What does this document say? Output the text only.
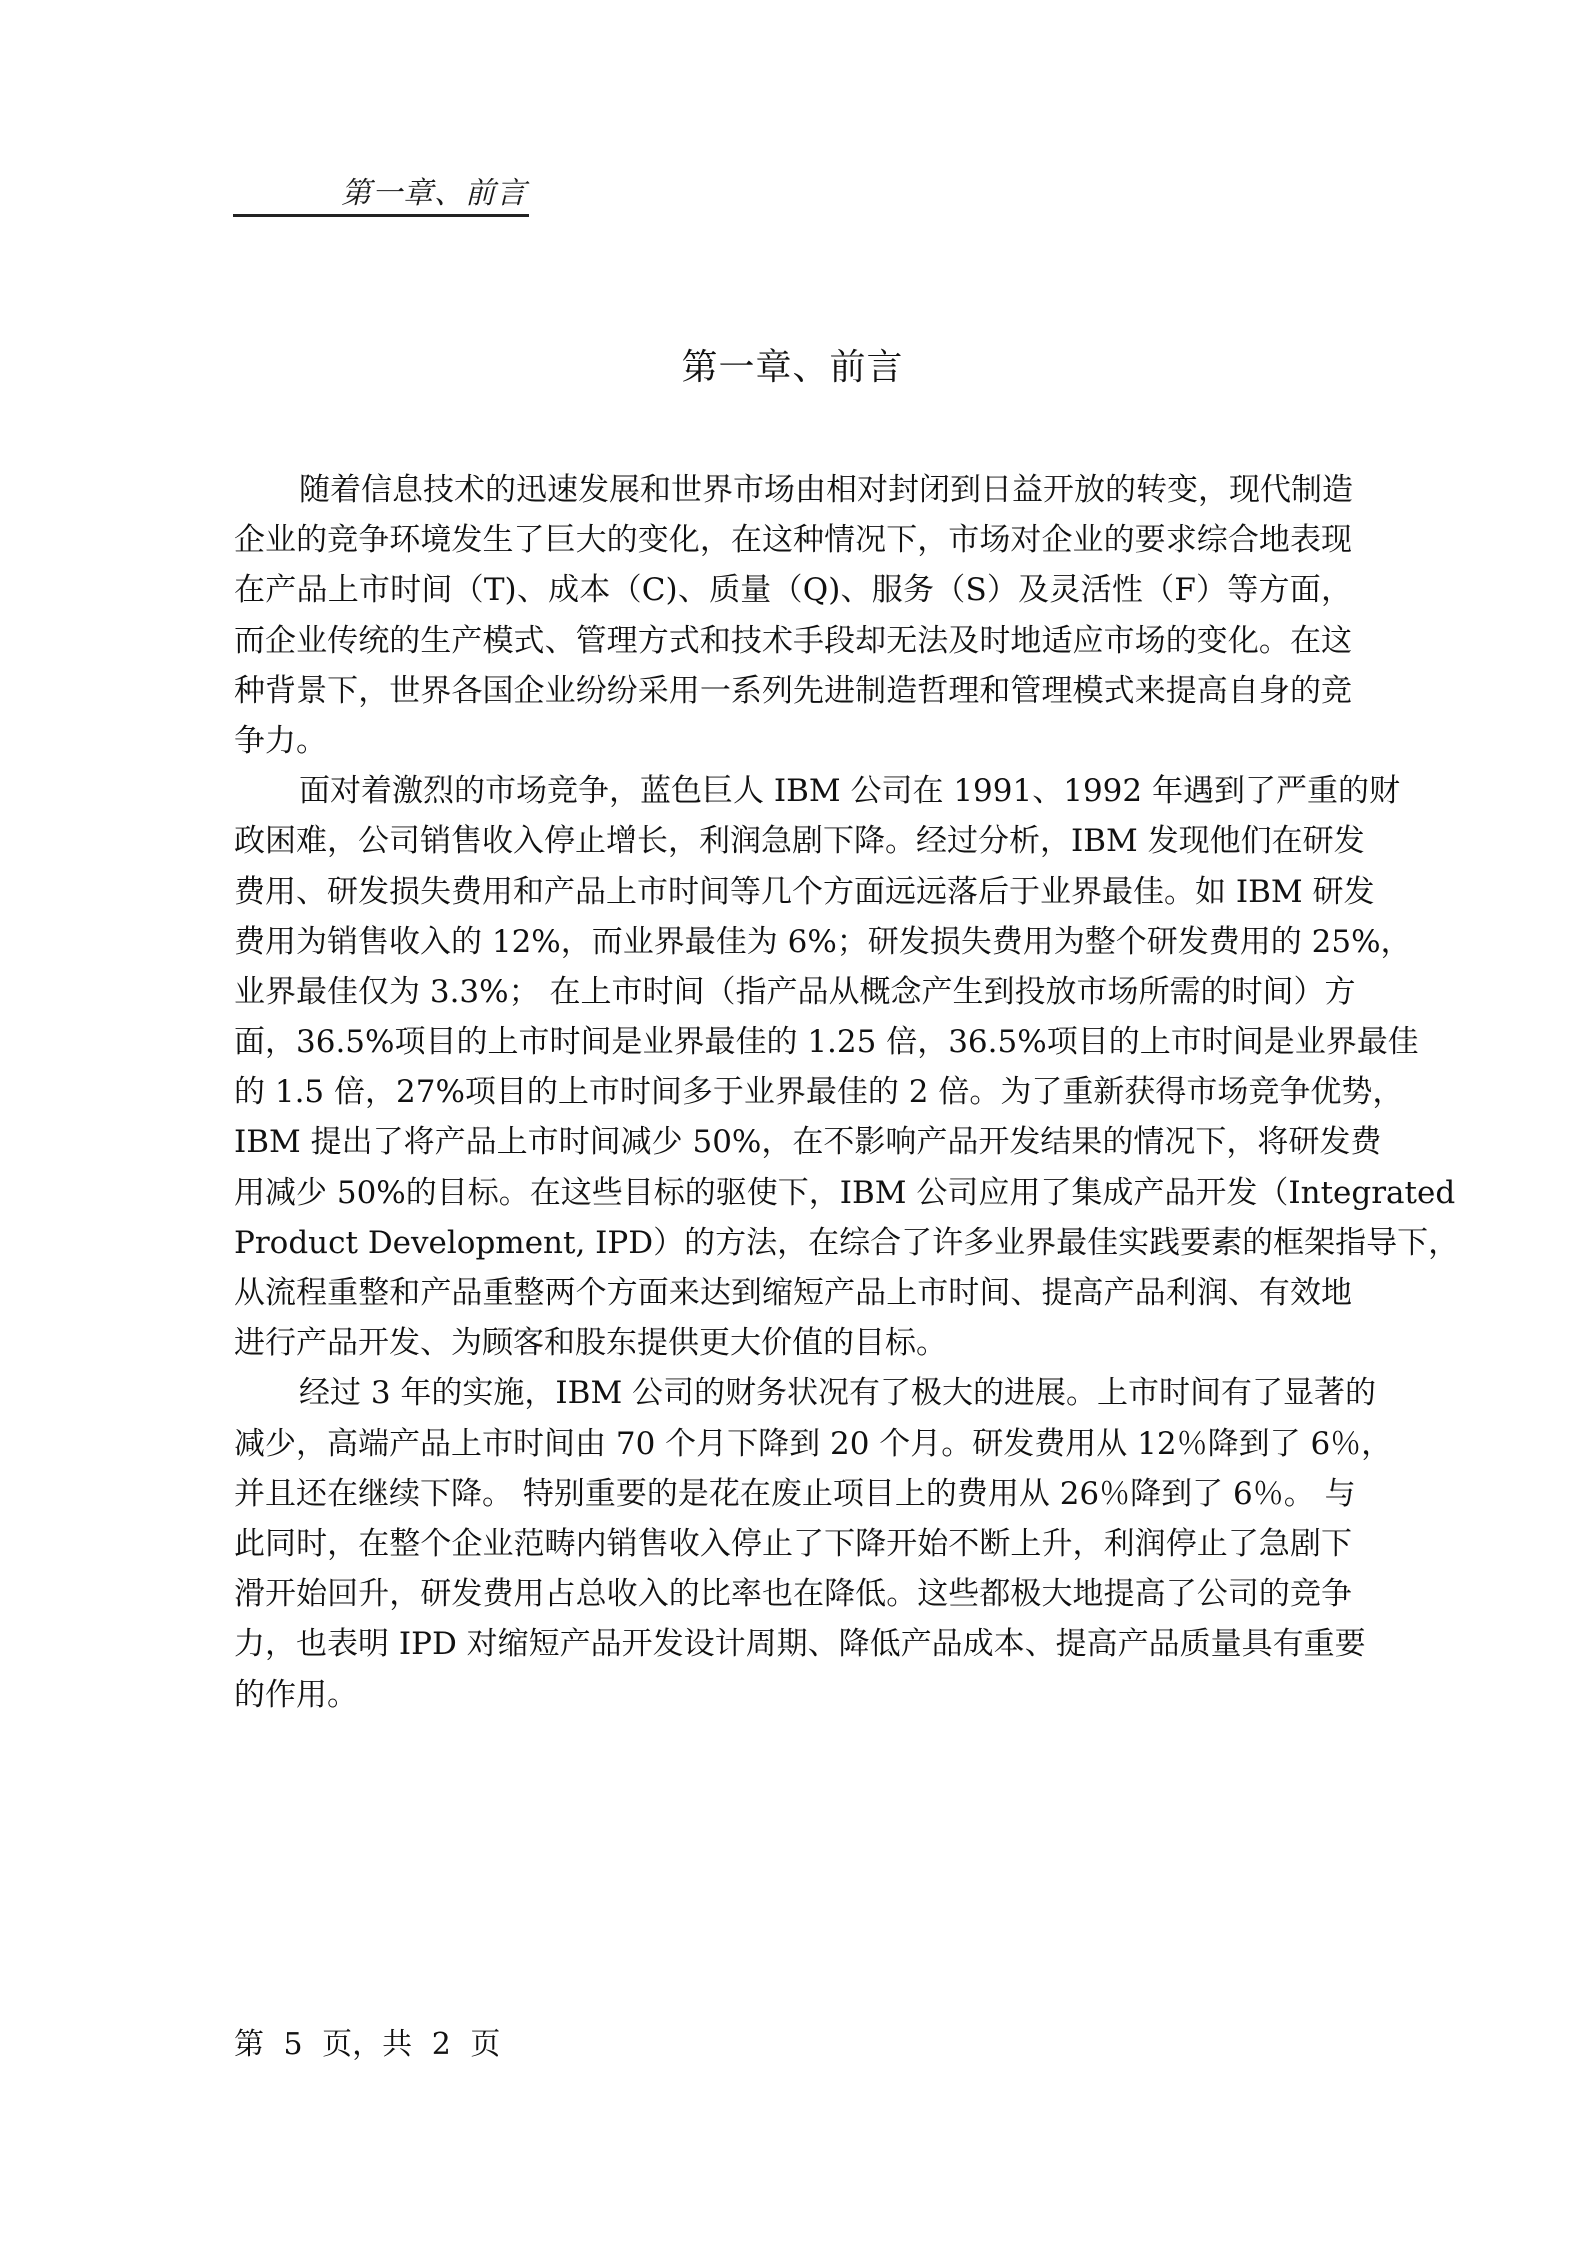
第一章、前言
第一章、前言
随着信息技术的迅速发展和世界市场由相对封闭到日益开放的转变，现代制造
企业的竞争环境发生了巨大的变化，在这种情况下，市场对企业的要求综合地表现
在产品上市时间（T)、成本（C)、质量（Q)、服务（S）及灵活性（F）等方面，
而企业传统的生产模式、管理方式和技术手段却无法及时地适应市场的变化。在这
种背景下，世界各国企业纷纷采用一系列先进制造哲理和管理模式来提高自身的竞
争力。
面对着激烈的市场竞争，蓝色巨人 IBM 公司在 1991、1992 年遇到了严重的财
政困难，公司销售收入停止增长，利润急剧下降。经过分析，IBM 发现他们在研发
费用、研发损失费用和产品上市时间等几个方面远远落后于业界最佳。如 IBM 研发
费用为销售收入的 12%，而业界最佳为 6%；研发损失费用为整个研发费用的 25%，
业界最佳仅为 3.3%； 在上市时间（指产品从概念产生到投放市场所需的时间）方
面，36.5%项目的上市时间是业界最佳的 1.25 倍，36.5%项目的上市时间是业界最佳
的 1.5 倍，27%项目的上市时间多于业界最佳的 2 倍。为了重新获得市场竞争优势，
IBM 提出了将产品上市时间减少 50%，在不影响产品开发结果的情况下，将研发费
用减少 50%的目标。在这些目标的驱使下，IBM 公司应用了集成产品开发（Integrated
Product Development, IPD）的方法，在综合了许多业界最佳实践要素的框架指导下，
从流程重整和产品重整两个方面来达到缩短产品上市时间、提高产品利润、有效地
进行产品开发、为顾客和股东提供更大价值的目标。
经过 3 年的实施，IBM 公司的财务状况有了极大的进展。上市时间有了显著的
减少，高端产品上市时间由 70 个月下降到 20 个月。研发费用从 12％降到了 6％，
并且还在继续下降。 特别重要的是花在废止项目上的费用从 26％降到了 6％。 与
此同时，在整个企业范畴内销售收入停止了下降开始不断上升，利润停止了急剧下
滑开始回升，研发费用占总收入的比率也在降低。这些都极大地提高了公司的竞争
力，也表明 IPD 对缩短产品开发设计周期、降低产品成本、提高产品质量具有重要
的作用。
第 5 页，共 2 页
